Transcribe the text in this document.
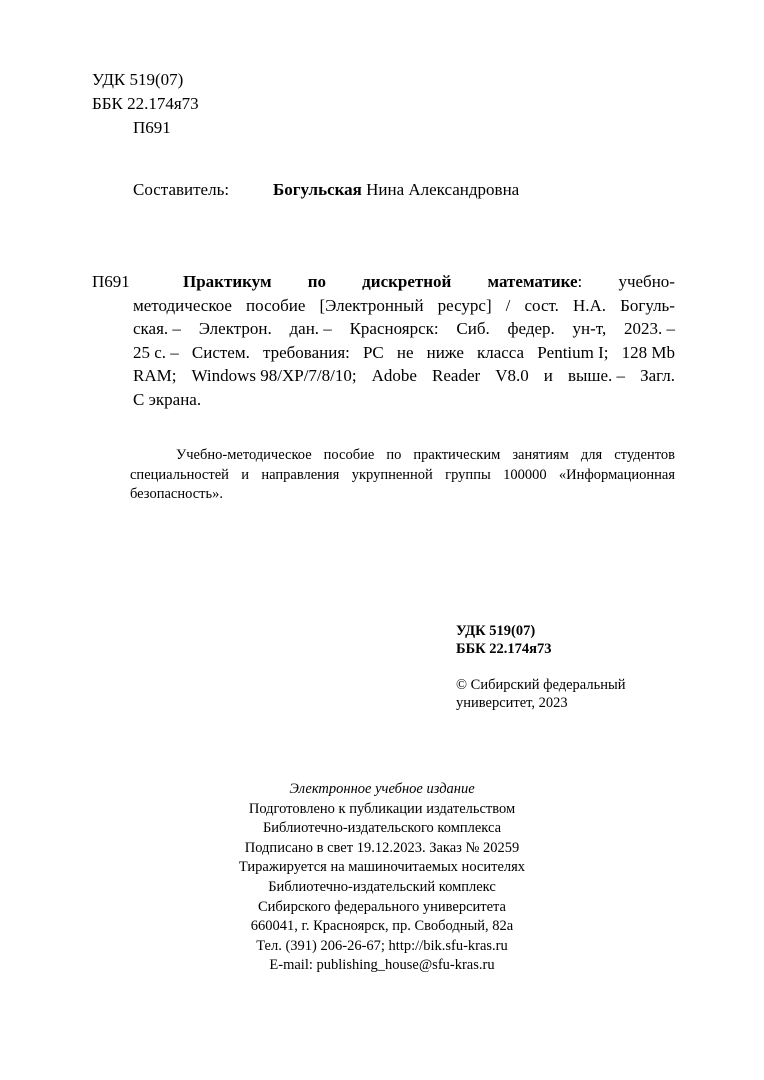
УДК 519(07)
ББК 22.174я73
П691
Составитель:	Богульская Нина Александровна
П691	Практикум по дискретной математике: учебно-
методическое пособие [Электронный ресурс] / сост. Н.А. Богуль-
ская. – Электрон. дан. – Красноярск: Сиб. федер. ун-т, 2023. –
25 с. – Систем. требования: PC не ниже класса Pentium I; 128 Mb
RAM; Windows 98/XP/7/8/10; Adobe Reader V8.0 и выше. – Загл.
С экрана.
Учебно-методическое пособие по практическим занятиям для студентов
специальностей и направления укрупненной группы 100000 «Информационная
безопасность».
УДК 519(07)
ББК 22.174я73
© Сибирский федеральный
университет, 2023
Электронное учебное издание
Подготовлено к публикации издательством
Библиотечно-издательского комплекса
Подписано в свет 19.12.2023. Заказ № 20259
Тиражируется на машиночитаемых носителях
Библиотечно-издательский комплекс
Сибирского федерального университета
660041, г. Красноярск, пр. Свободный, 82а
Тел. (391) 206-26-67; http://bik.sfu-kras.ru
E-mail: publishing_house@sfu-kras.ru
